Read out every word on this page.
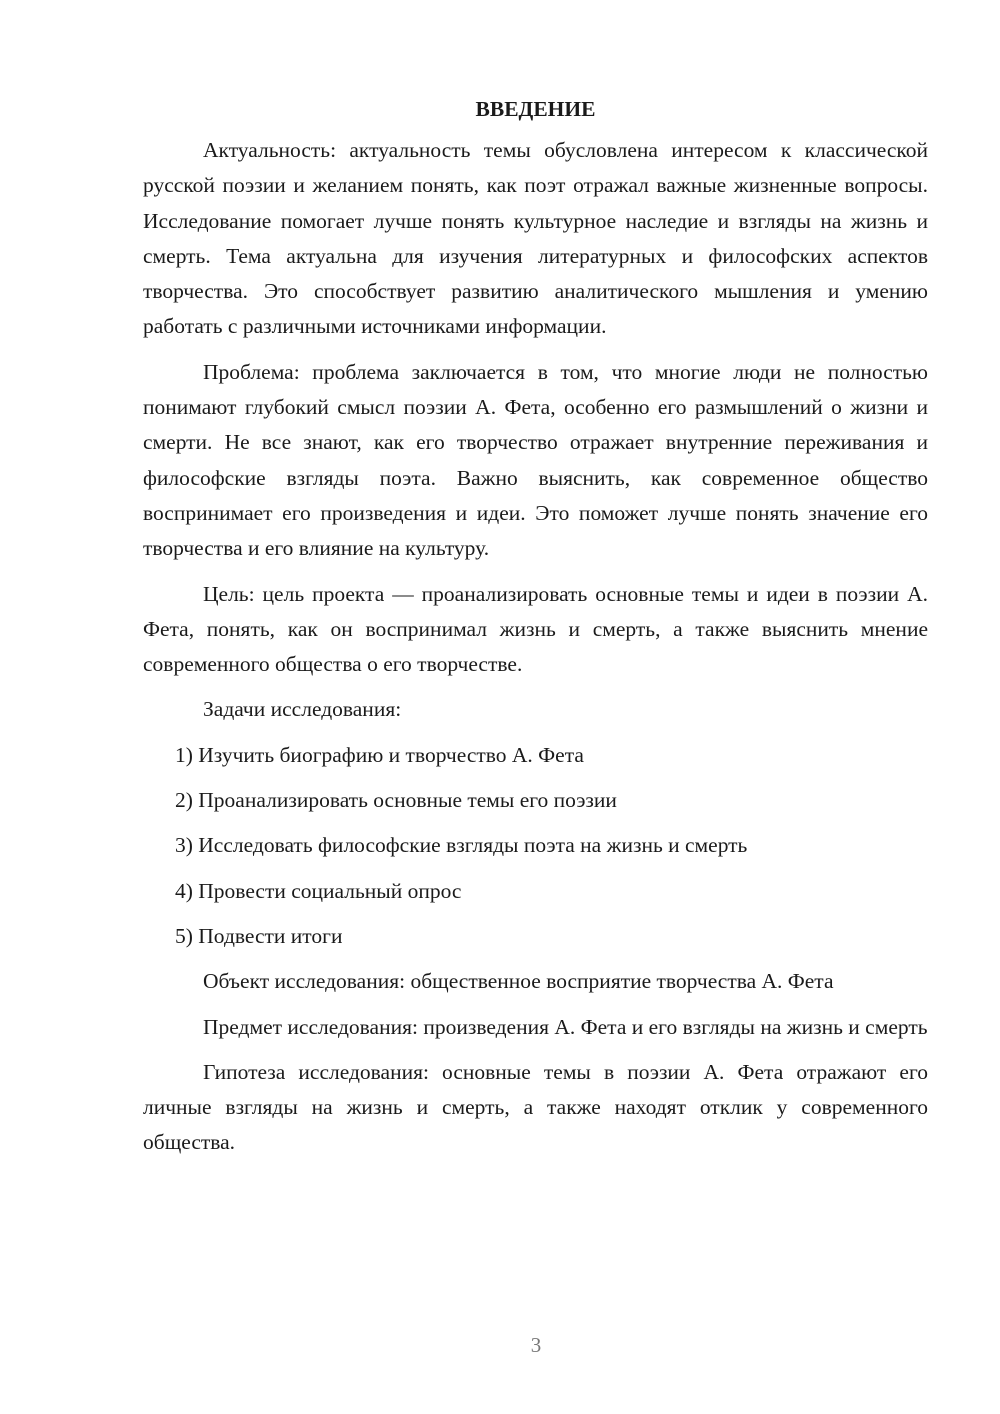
ВВЕДЕНИЕ

Актуальность: актуальность темы обусловлена интересом к классической русской поэзии и желанием понять, как поэт отражал важные жизненные вопросы. Исследование помогает лучше понять культурное наследие и взгляды на жизнь и смерть. Тема актуальна для изучения литературных и философских аспектов творчества. Это способствует развитию аналитического мышления и умению работать с различными источниками информации.

Проблема: проблема заключается в том, что многие люди не полностью понимают глубокий смысл поэзии А. Фета, особенно его размышлений о жизни и смерти. Не все знают, как его творчество отражает внутренние переживания и философские взгляды поэта. Важно выяснить, как современное общество воспринимает его произведения и идеи. Это поможет лучше понять значение его творчества и его влияние на культуру.

Цель: цель проекта — проанализировать основные темы и идеи в поэзии А. Фета, понять, как он воспринимал жизнь и смерть, а также выяснить мнение современного общества о его творчестве.

Задачи исследования:

1) Изучить биографию и творчество А. Фета
2) Проанализировать основные темы его поэзии
3) Исследовать философские взгляды поэта на жизнь и смерть
4) Провести социальный опрос
5) Подвести итоги

Объект исследования: общественное восприятие творчества А. Фета

Предмет исследования: произведения А. Фета и его взгляды на жизнь и смерть

Гипотеза исследования: основные темы в поэзии А. Фета отражают его личные взгляды на жизнь и смерть, а также находят отклик у современного общества.

3
